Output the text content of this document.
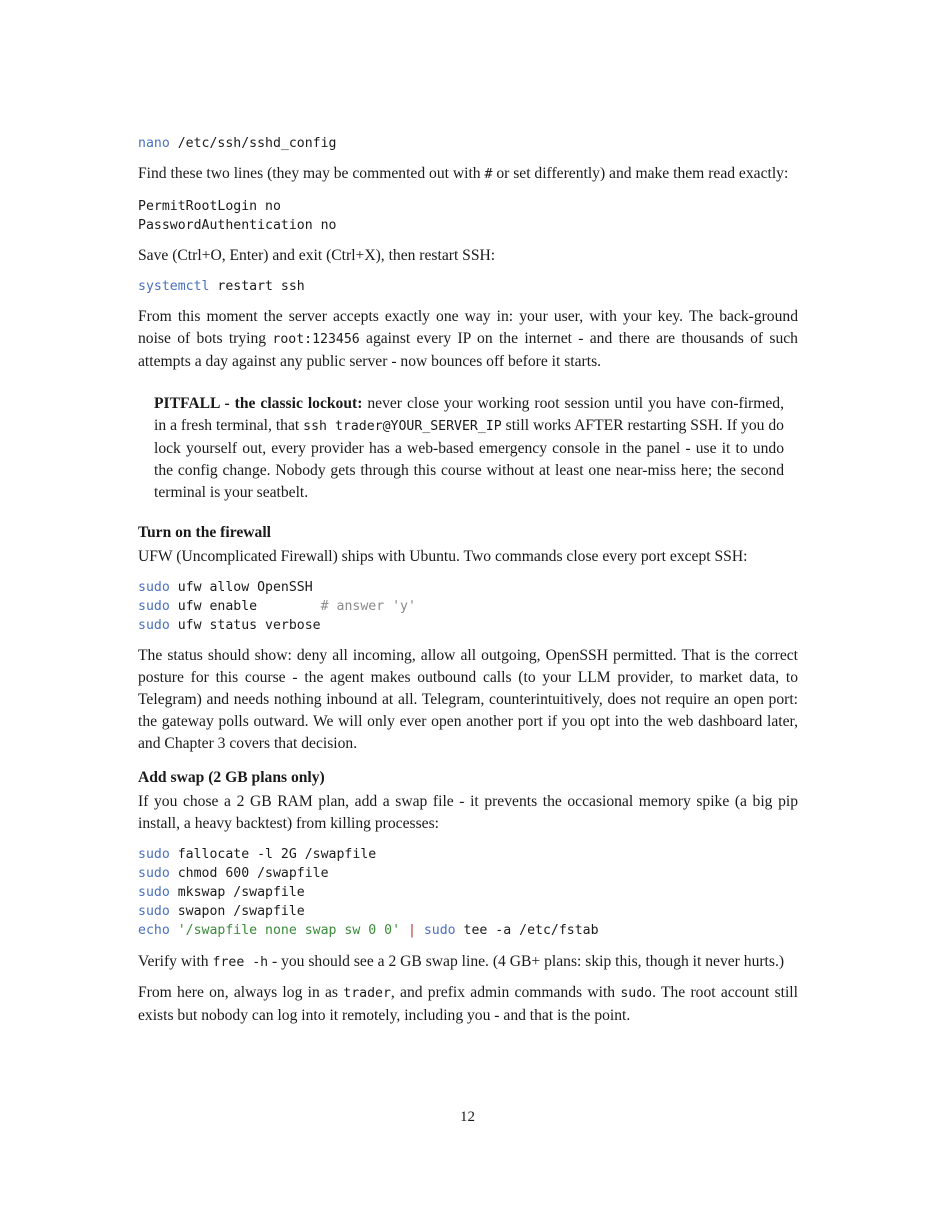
nano /etc/ssh/sshd_config

Find these two lines (they may be commented out with # or set differently) and make them read exactly:

PermitRootLogin no
PasswordAuthentication no

Save (Ctrl+O, Enter) and exit (Ctrl+X), then restart SSH:

systemctl restart ssh

From this moment the server accepts exactly one way in: your user, with your key. The back-ground noise of bots trying root:123456 against every IP on the internet - and there are thousands of such attempts a day against any public server - now bounces off before it starts.

PITFALL - the classic lockout: never close your working root session until you have con-firmed, in a fresh terminal, that ssh trader@YOUR_SERVER_IP still works AFTER restarting SSH. If you do lock yourself out, every provider has a web-based emergency console in the panel - use it to undo the config change. Nobody gets through this course without at least one near-miss here; the second terminal is your seatbelt.

Turn on the firewall

UFW (Uncomplicated Firewall) ships with Ubuntu. Two commands close every port except SSH:

sudo ufw allow OpenSSH
sudo ufw enable        # answer 'y'
sudo ufw status verbose

The status should show: deny all incoming, allow all outgoing, OpenSSH permitted. That is the correct posture for this course - the agent makes outbound calls (to your LLM provider, to market data, to Telegram) and needs nothing inbound at all. Telegram, counterintuitively, does not require an open port: the gateway polls outward. We will only ever open another port if you opt into the web dashboard later, and Chapter 3 covers that decision.

Add swap (2 GB plans only)

If you chose a 2 GB RAM plan, add a swap file - it prevents the occasional memory spike (a big pip install, a heavy backtest) from killing processes:

sudo fallocate -l 2G /swapfile
sudo chmod 600 /swapfile
sudo mkswap /swapfile
sudo swapon /swapfile
echo '/swapfile none swap sw 0 0' | sudo tee -a /etc/fstab

Verify with free -h - you should see a 2 GB swap line. (4 GB+ plans: skip this, though it never hurts.)

From here on, always log in as trader, and prefix admin commands with sudo. The root account still exists but nobody can log into it remotely, including you - and that is the point.

12
